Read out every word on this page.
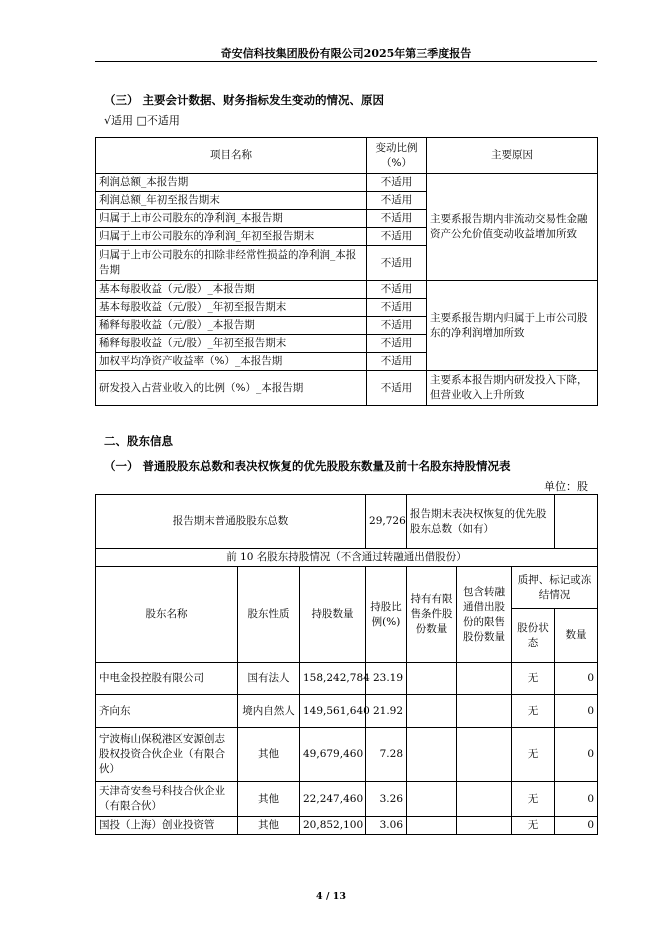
奇安信科技集团股份有限公司2025年第三季度报告
（三） 主要会计数据、财务指标发生变动的情况、原因
√适用 □不适用
项目名称	变动比例（%）	主要原因
利润总额_本报告期	不适用	主要系报告期内非流动交易性金融资产公允价值变动收益增加所致
利润总额_年初至报告期末	不适用	
归属于上市公司股东的净利润_本报告期	不适用	
归属于上市公司股东的净利润_年初至报告期末	不适用	
归属于上市公司股东的扣除非经常性损益的净利润_本报告期	不适用	
基本每股收益（元/股）_本报告期	不适用	主要系报告期内归属于上市公司股东的净利润增加所致
基本每股收益（元/股）_年初至报告期末	不适用	
稀释每股收益（元/股）_本报告期	不适用	
稀释每股收益（元/股）_年初至报告期末	不适用	
加权平均净资产收益率（%）_本报告期	不适用	
研发投入占营业收入的比例（%）_本报告期	不适用	主要系本报告期内研发投入下降，但营业收入上升所致
二、股东信息
（一） 普通股股东总数和表决权恢复的优先股股东数量及前十名股东持股情况表
单位：股
报告期末普通股股东总数			29,726	报告期末表决权恢复的优先股股东总数（如有）			
前 10 名股东持股情况（不含通过转融通出借股份）							
股东名称	股东性质	持股数量	持股比例(%)	持有有限售条件股份数量	包含转融通借出股份的限售股份数量	质押、标记或冻结情况	
						股份状态	数量
中电金投控股有限公司	国有法人	158,242,784	23.19			无	0
齐向东	境内自然人	149,561,640	21.92			无	0
宁波梅山保税港区安源创志股权投资合伙企业（有限合伙）	其他	49,679,460	7.28			无	0
天津奇安叁号科技合伙企业（有限合伙）	其他	22,247,460	3.26			无	0
国投（上海）创业投资管	其他	20,852,100	3.06			无	0
4 / 13
